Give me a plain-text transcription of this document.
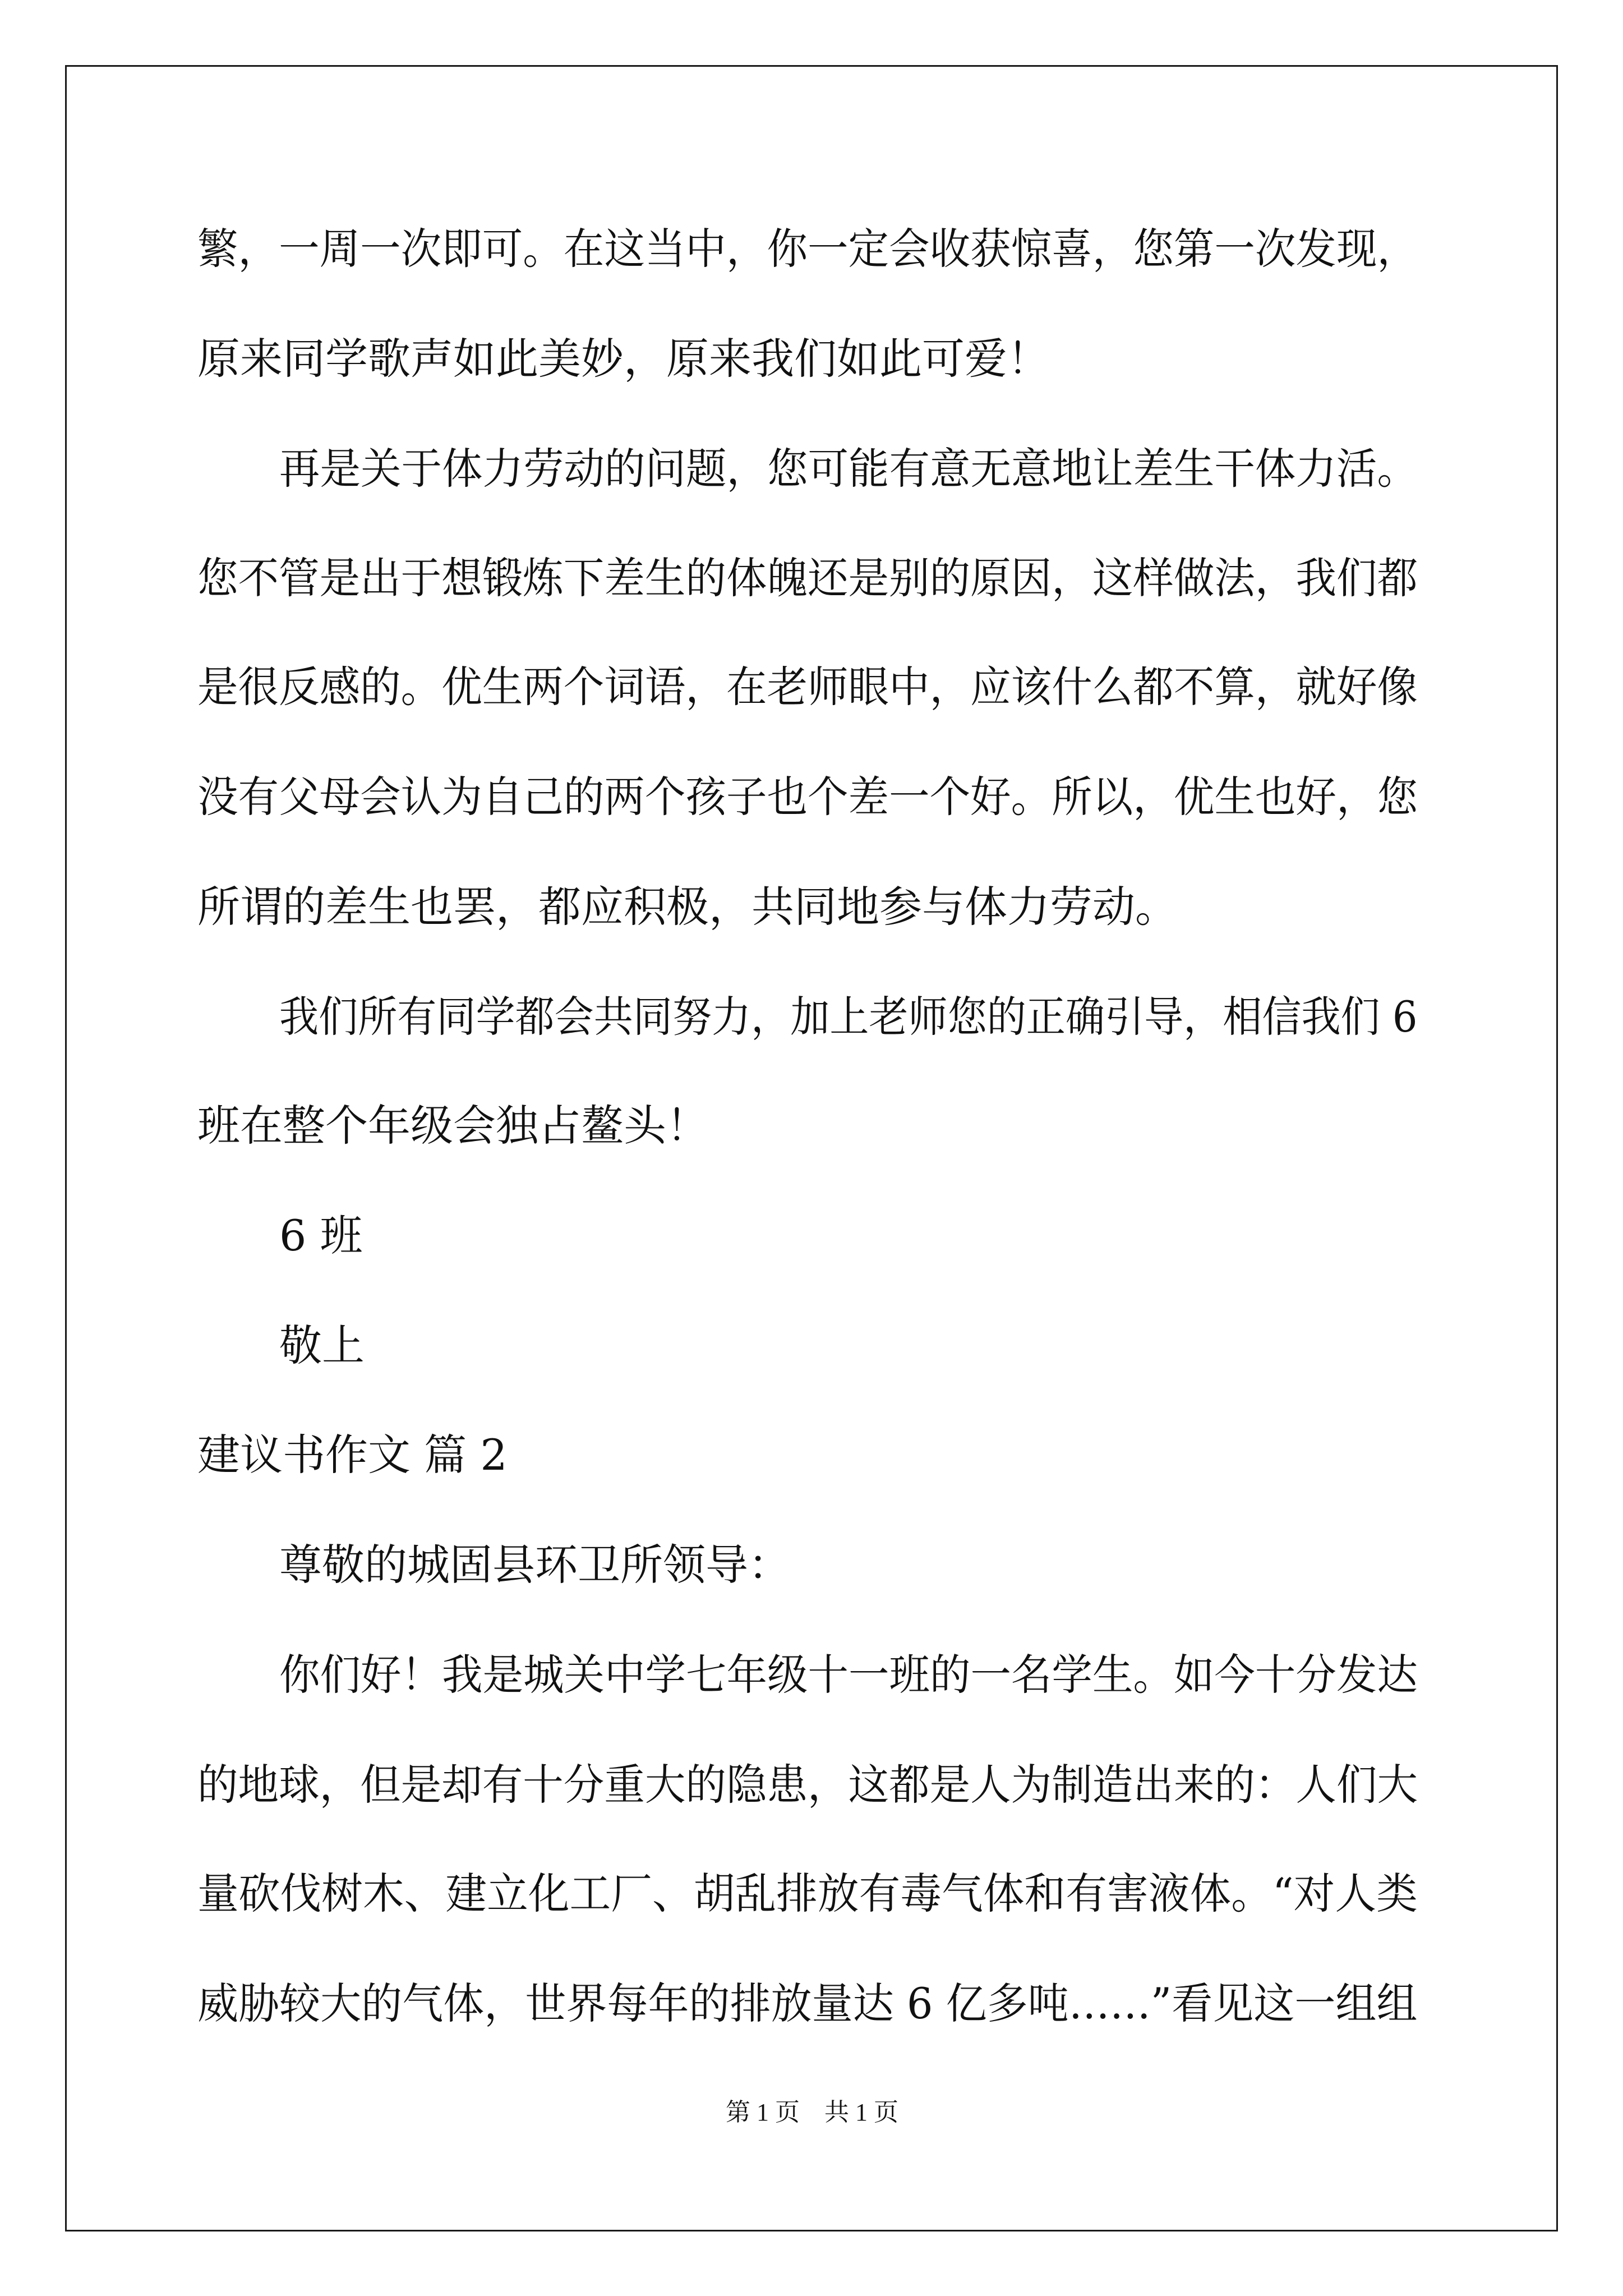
繁，一周一次即可。在这当中，你一定会收获惊喜，您第一次发现，
原来同学歌声如此美妙，原来我们如此可爱！
再是关于体力劳动的问题，您可能有意无意地让差生干体力活。
您不管是出于想锻炼下差生的体魄还是别的原因，这样做法，我们都
是很反感的。优生两个词语，在老师眼中，应该什么都不算，就好像
没有父母会认为自己的两个孩子也个差一个好。所以，优生也好，您
所谓的差生也罢，都应积极，共同地参与体力劳动。
我们所有同学都会共同努力，加上老师您的正确引导，相信我们 6
班在整个年级会独占鳌头！
6 班
敬上
建议书作文 篇 2
尊敬的城固县环卫所领导：
你们好！我是城关中学七年级十一班的一名学生。如今十分发达
的地球，但是却有十分重大的隐患，这都是人为制造出来的：人们大
量砍伐树木、建立化工厂、胡乱排放有毒气体和有害液体。“对人类
威胁较大的气体，世界每年的排放量达 6 亿多吨……”看见这一组组
第 1 页    共 1 页
